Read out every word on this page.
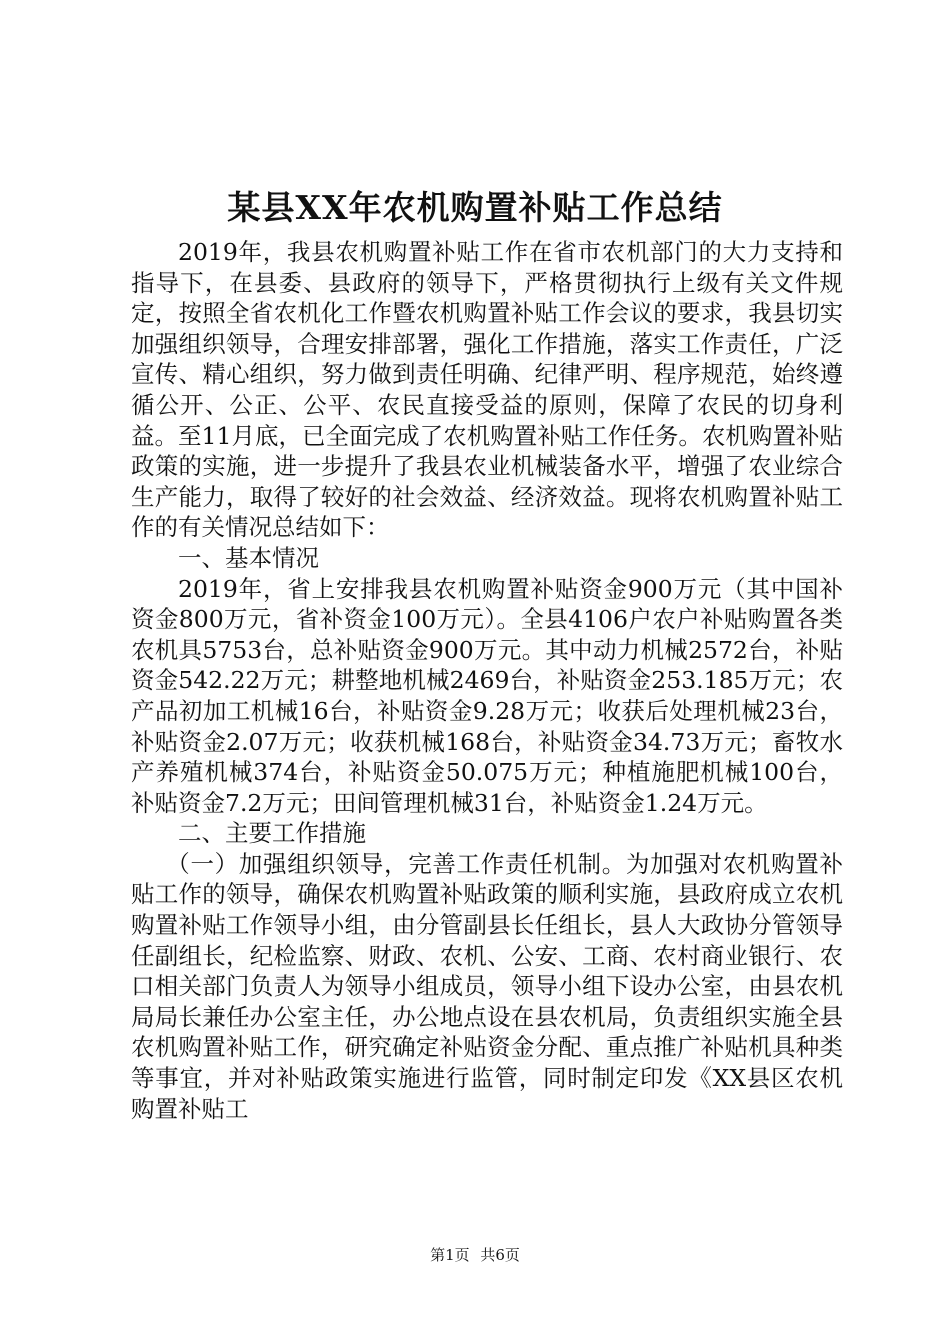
某县XX年农机购置补贴工作总结

2019年，我县农机购置补贴工作在省市农机部门的大力支持和指导下，在县委、县政府的领导下，严格贯彻执行上级有关文件规定，按照全省农机化工作暨农机购置补贴工作会议的要求，我县切实加强组织领导，合理安排部署，强化工作措施，落实工作责任，广泛宣传、精心组织，努力做到责任明确、纪律严明、程序规范，始终遵循公开、公正、公平、农民直接受益的原则，保障了农民的切身利益。至11月底，已全面完成了农机购置补贴工作任务。农机购置补贴政策的实施，进一步提升了我县农业机械装备水平，增强了农业综合生产能力，取得了较好的社会效益、经济效益。现将农机购置补贴工作的有关情况总结如下：

一、基本情况

2019年，省上安排我县农机购置补贴资金900万元（其中国补资金800万元，省补资金100万元）。全县4106户农户补贴购置各类农机具5753台，总补贴资金900万元。其中动力机械2572台，补贴资金542.22万元；耕整地机械2469台，补贴资金253.185万元；农产品初加工机械16台，补贴资金9.28万元；收获后处理机械23台，补贴资金2.07万元；收获机械168台，补贴资金34.73万元；畜牧水产养殖机械374台，补贴资金50.075万元；种植施肥机械100台，补贴资金7.2万元；田间管理机械31台，补贴资金1.24万元。

二、主要工作措施

（一）加强组织领导，完善工作责任机制。为加强对农机购置补贴工作的领导，确保农机购置补贴政策的顺利实施，县政府成立农机购置补贴工作领导小组，由分管副县长任组长，县人大政协分管领导任副组长，纪检监察、财政、农机、公安、工商、农村商业银行、农口相关部门负责人为领导小组成员，领导小组下设办公室，由县农机局局长兼任办公室主任，办公地点设在县农机局，负责组织实施全县农机购置补贴工作，研究确定补贴资金分配、重点推广补贴机具种类等事宜，并对补贴政策实施进行监管，同时制定印发《XX县区农机购置补贴工

第1页 共6页
